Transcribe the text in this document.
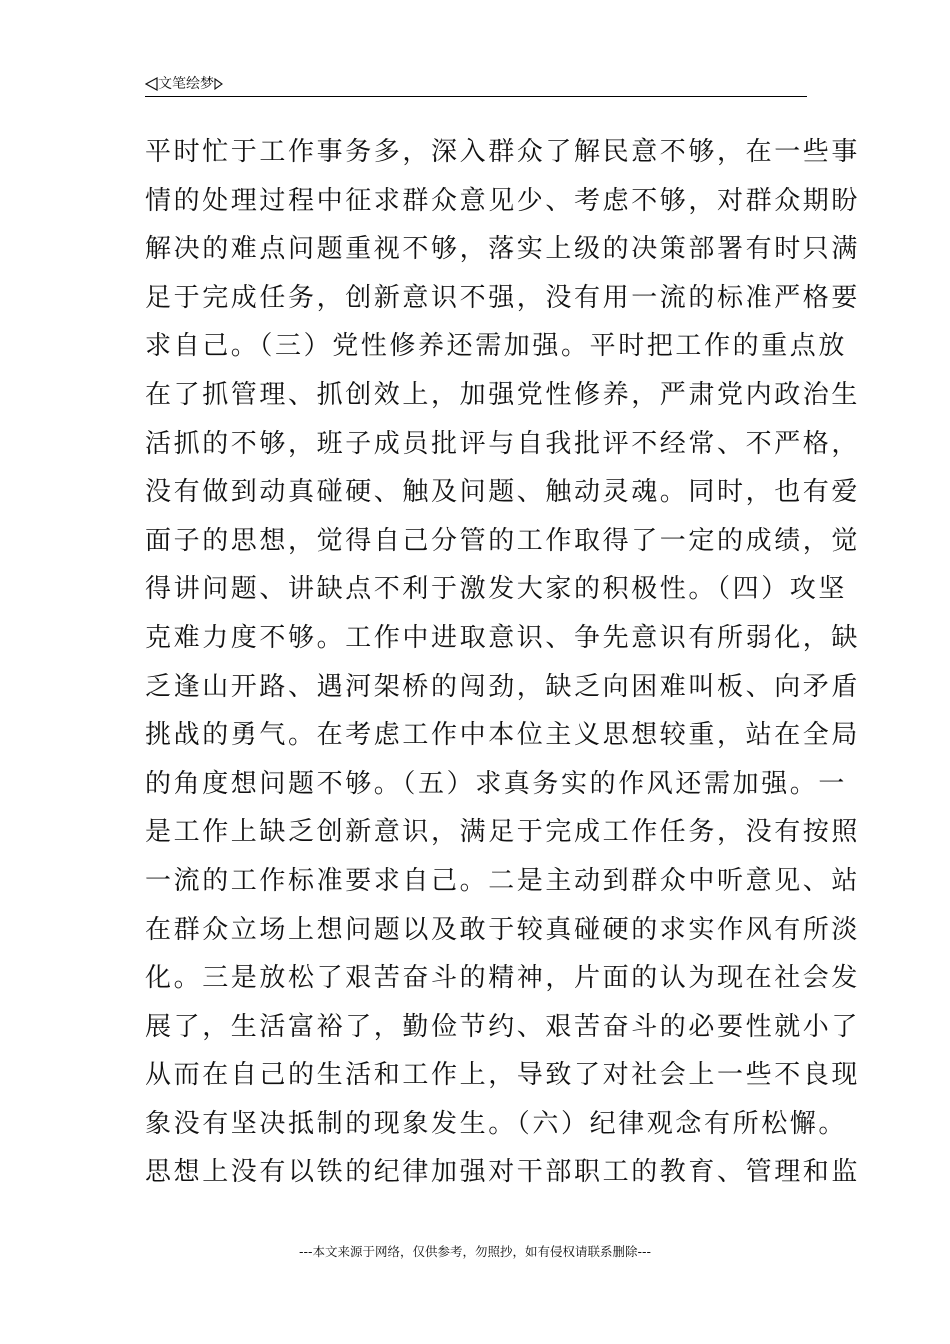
文笔绘梦
平时忙于工作事务多，深入群众了解民意不够，在一些事
情的处理过程中征求群众意见少、考虑不够，对群众期盼
解决的难点问题重视不够，落实上级的决策部署有时只满
足于完成任务，创新意识不强，没有用一流的标准严格要
求自己。（三）党性修养还需加强。平时把工作的重点放
在了抓管理、抓创效上，加强党性修养，严肃党内政治生
活抓的不够，班子成员批评与自我批评不经常、不严格，
没有做到动真碰硬、触及问题、触动灵魂。同时，也有爱
面子的思想，觉得自己分管的工作取得了一定的成绩，觉
得讲问题、讲缺点不利于激发大家的积极性。（四）攻坚
克难力度不够。工作中进取意识、争先意识有所弱化，缺
乏逢山开路、遇河架桥的闯劲，缺乏向困难叫板、向矛盾
挑战的勇气。在考虑工作中本位主义思想较重，站在全局
的角度想问题不够。（五）求真务实的作风还需加强。一
是工作上缺乏创新意识，满足于完成工作任务，没有按照
一流的工作标准要求自己。二是主动到群众中听意见、站
在群众立场上想问题以及敢于较真碰硬的求实作风有所淡
化。三是放松了艰苦奋斗的精神，片面的认为现在社会发
展了，生活富裕了，勤俭节约、艰苦奋斗的必要性就小了
从而在自己的生活和工作上，导致了对社会上一些不良现
象没有坚决抵制的现象发生。（六）纪律观念有所松懈。
思想上没有以铁的纪律加强对干部职工的教育、管理和监
---本文来源于网络，仅供参考，勿照抄，如有侵权请联系删除---
